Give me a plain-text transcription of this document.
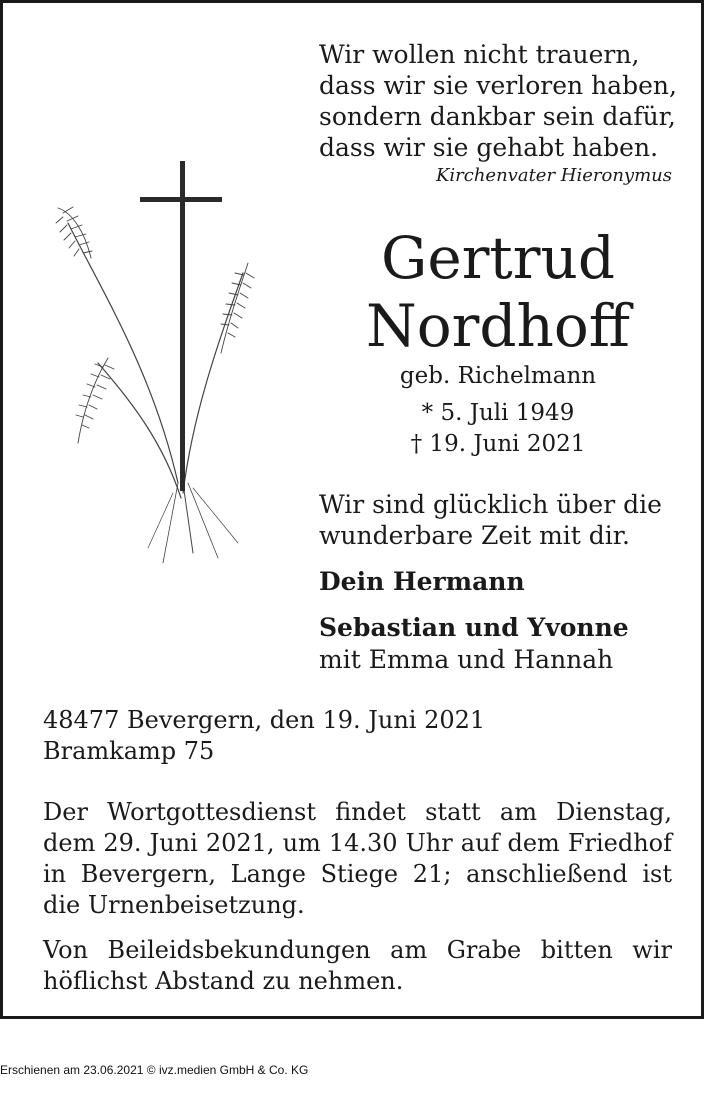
Wir wollen nicht trauern,
dass wir sie verloren haben,
sondern dankbar sein dafür,
dass wir sie gehabt haben.
Kirchenvater Hieronymus
Gertrud
Nordhoff
geb. Richelmann
* 5. Juli 1949
† 19. Juni 2021
Wir sind glücklich über die
wunderbare Zeit mit dir.
Dein Hermann
Sebastian und Yvonne
mit Emma und Hannah
48477 Bevergern, den 19. Juni 2021
Bramkamp 75
Der Wortgottesdienst findet statt am Dienstag, dem 29. Juni 2021, um 14.30 Uhr auf dem Friedhof in Bevergern, Lange Stiege 21; anschließend ist die Urnenbeisetzung.
Von Beileidsbekundungen am Grabe bitten wir höflichst Abstand zu nehmen.
Erschienen am 23.06.2021 © ivz.medien GmbH & Co. KG
